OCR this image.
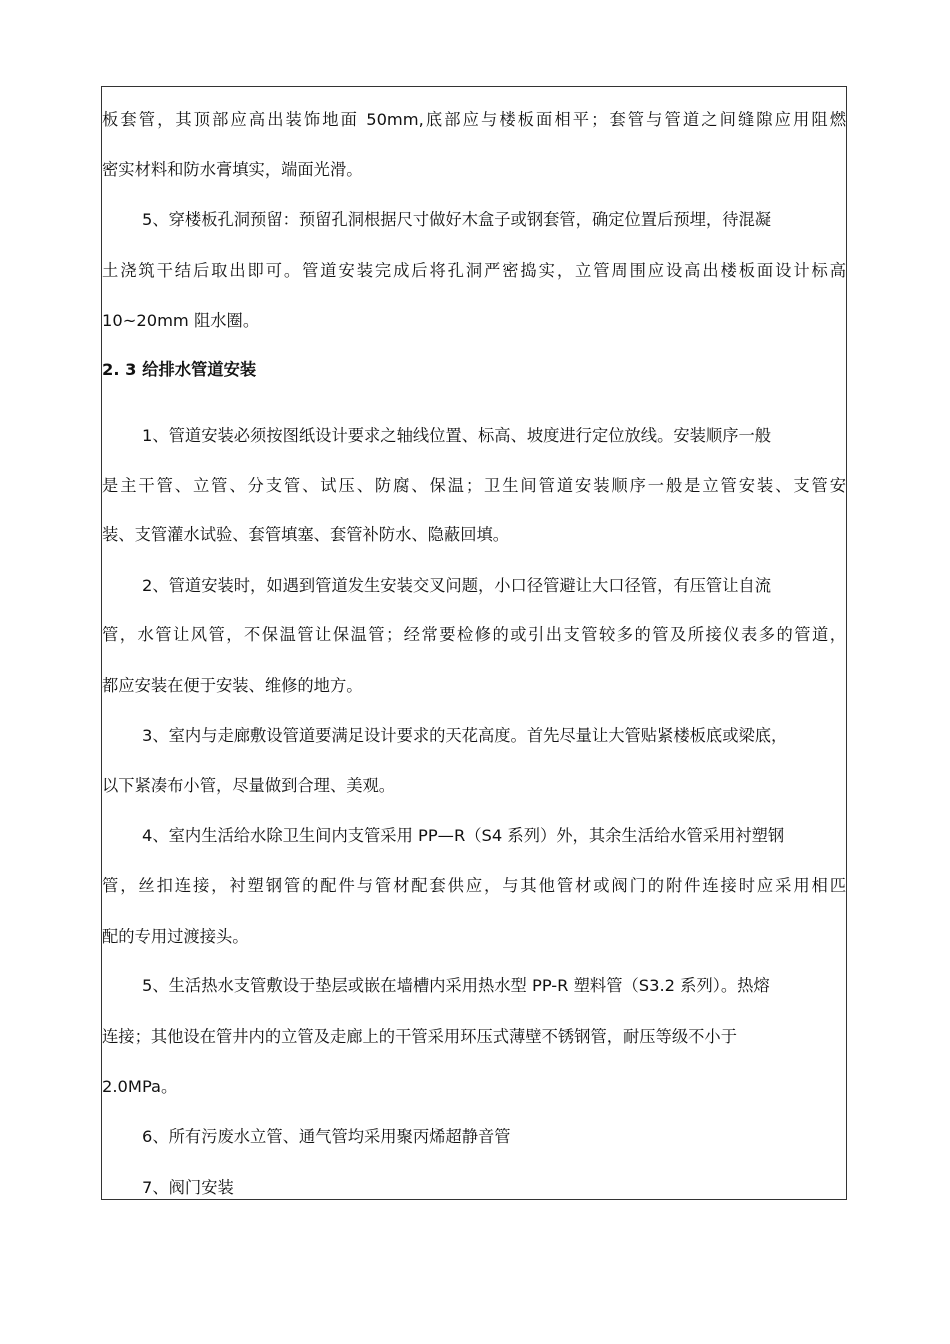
板套管，其顶部应高出装饰地面 50mm,底部应与楼板面相平；套管与管道之间缝隙应用阻燃
密实材料和防水膏填实，端面光滑。
5、穿楼板孔洞预留：预留孔洞根据尺寸做好木盒子或钢套管，确定位置后预埋，待混凝
土浇筑干结后取出即可。管道安装完成后将孔洞严密捣实，立管周围应设高出楼板面设计标高
10~20mm 阻水圈。
2. 3 给排水管道安装
1、管道安装必须按图纸设计要求之轴线位置、标高、坡度进行定位放线。安装顺序一般
是主干管、立管、分支管、试压、防腐、保温；卫生间管道安装顺序一般是立管安装、支管安
装、支管灌水试验、套管填塞、套管补防水、隐蔽回填。
2、管道安装时，如遇到管道发生安装交叉问题，小口径管避让大口径管，有压管让自流
管，水管让风管，不保温管让保温管；经常要检修的或引出支管较多的管及所接仪表多的管道，
都应安装在便于安装、维修的地方。
3、室内与走廊敷设管道要满足设计要求的天花高度。首先尽量让大管贴紧楼板底或梁底，
以下紧凑布小管，尽量做到合理、美观。
4、室内生活给水除卫生间内支管采用 PP—R（S4 系列）外，其余生活给水管采用衬塑钢
管，丝扣连接，衬塑钢管的配件与管材配套供应，与其他管材或阀门的附件连接时应采用相匹
配的专用过渡接头。
5、生活热水支管敷设于垫层或嵌在墙槽内采用热水型 PP-R 塑料管（S3.2 系列）。热熔
连接；其他设在管井内的立管及走廊上的干管采用环压式薄壁不锈钢管，耐压等级不小于
2.0MPa。
6、所有污废水立管、通气管均采用聚丙烯超静音管
7、阀门安装
